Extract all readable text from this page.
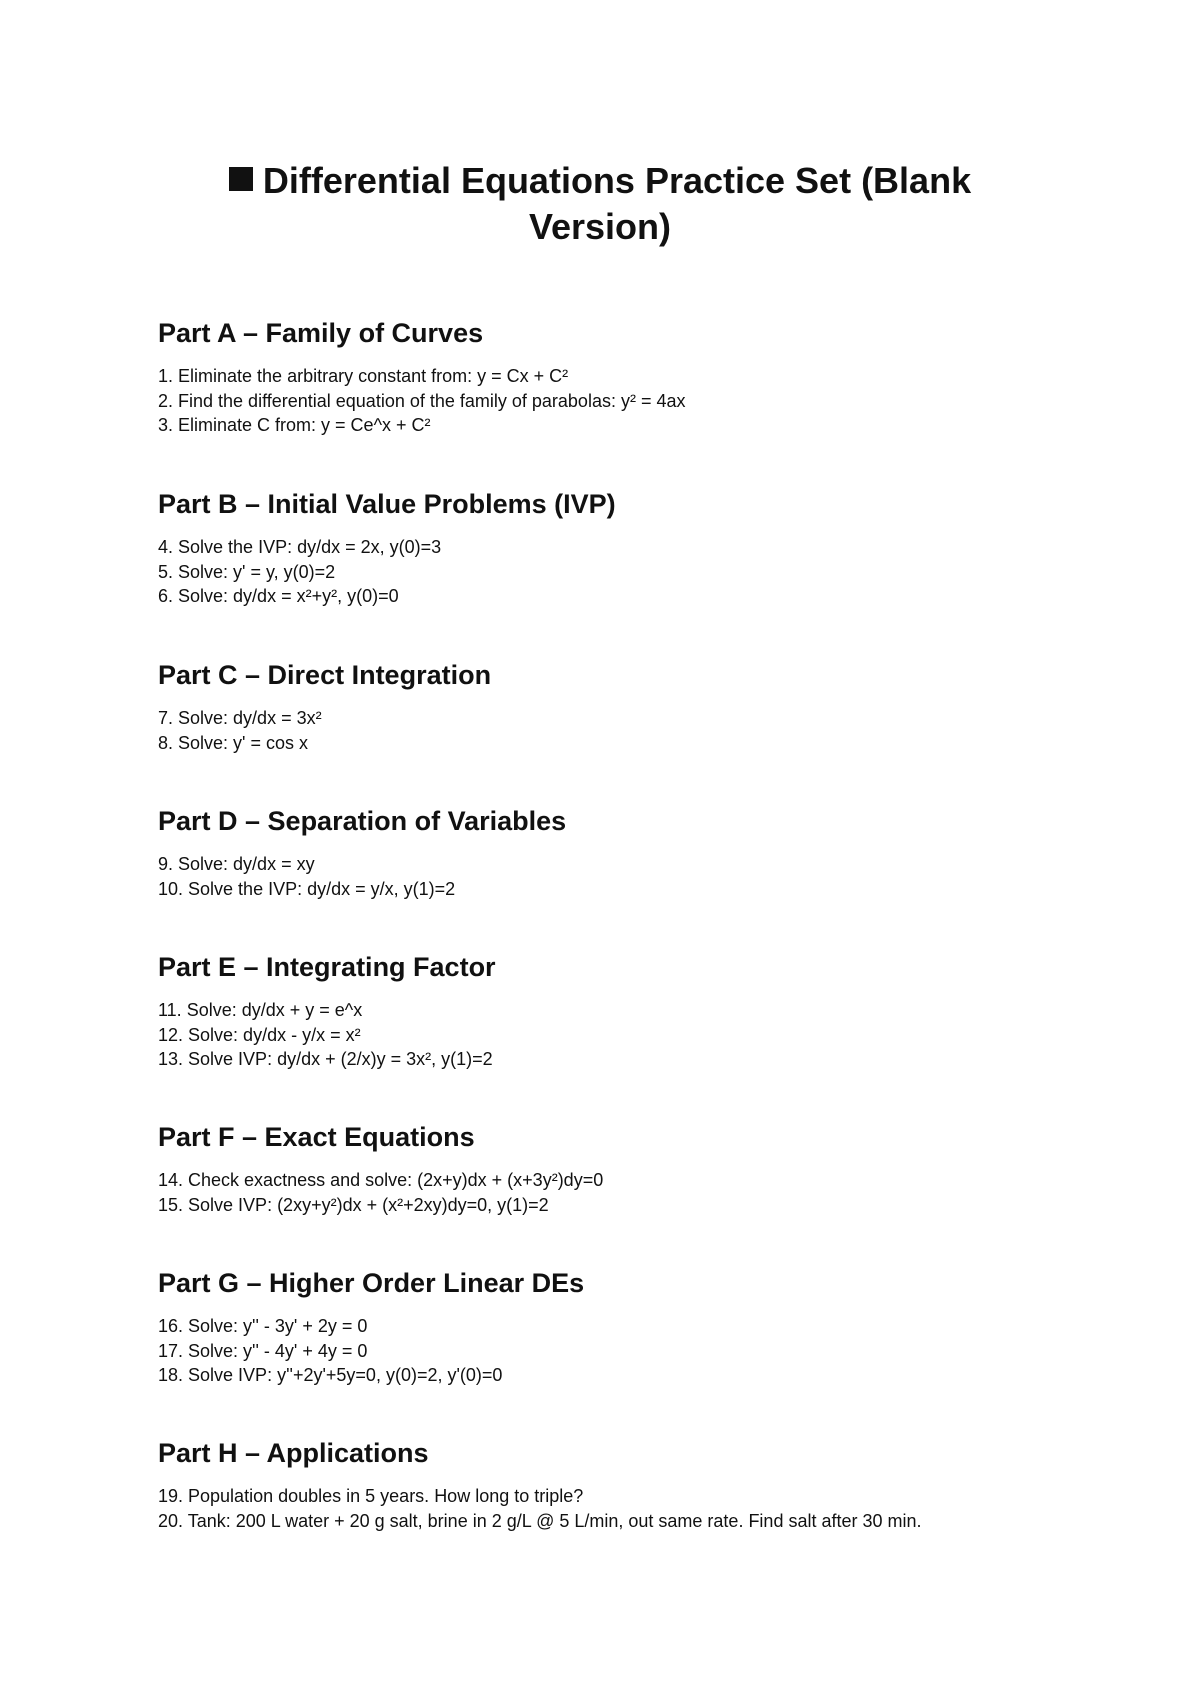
Differential Equations Practice Set (Blank Version)
Part A – Family of Curves
1. Eliminate the arbitrary constant from: y = Cx + C²
2. Find the differential equation of the family of parabolas: y² = 4ax
3. Eliminate C from: y = Ce^x + C²
Part B – Initial Value Problems (IVP)
4. Solve the IVP: dy/dx = 2x, y(0)=3
5. Solve: y' = y, y(0)=2
6. Solve: dy/dx = x²+y², y(0)=0
Part C – Direct Integration
7. Solve: dy/dx = 3x²
8. Solve: y' = cos x
Part D – Separation of Variables
9. Solve: dy/dx = xy
10. Solve the IVP: dy/dx = y/x, y(1)=2
Part E – Integrating Factor
11. Solve: dy/dx + y = e^x
12. Solve: dy/dx - y/x = x²
13. Solve IVP: dy/dx + (2/x)y = 3x², y(1)=2
Part F – Exact Equations
14. Check exactness and solve: (2x+y)dx + (x+3y²)dy=0
15. Solve IVP: (2xy+y²)dx + (x²+2xy)dy=0, y(1)=2
Part G – Higher Order Linear DEs
16. Solve: y'' - 3y' + 2y = 0
17. Solve: y'' - 4y' + 4y = 0
18. Solve IVP: y''+2y'+5y=0, y(0)=2, y'(0)=0
Part H – Applications
19. Population doubles in 5 years. How long to triple?
20. Tank: 200 L water + 20 g salt, brine in 2 g/L @ 5 L/min, out same rate. Find salt after 30 min.
